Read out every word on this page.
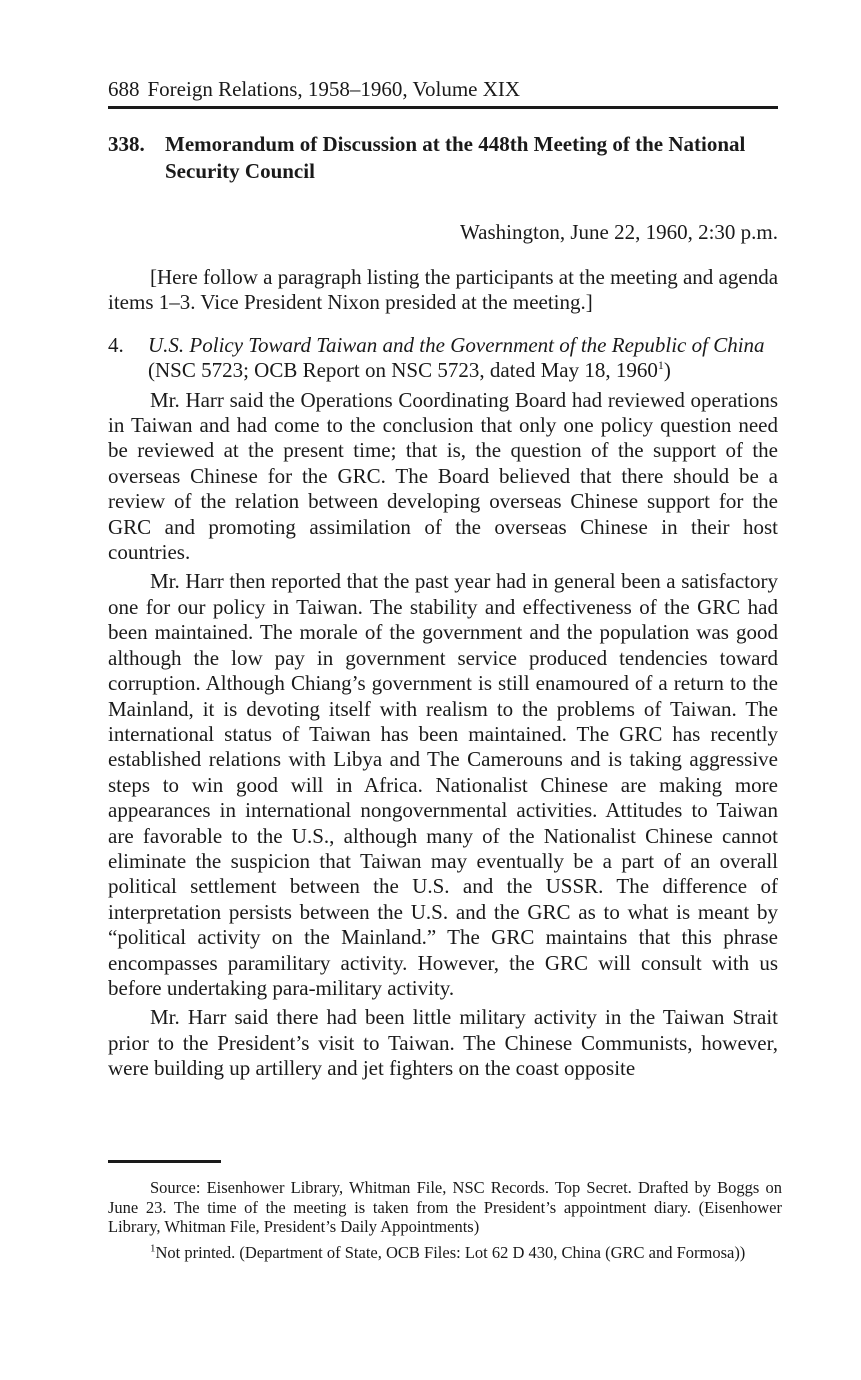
688 Foreign Relations, 1958–1960, Volume XIX
338. Memorandum of Discussion at the 448th Meeting of the National Security Council
Washington, June 22, 1960, 2:30 p.m.

[Here follow a paragraph listing the participants at the meeting and agenda items 1–3. Vice President Nixon presided at the meeting.]

4.	U.S. Policy Toward Taiwan and the Government of the Republic of China (NSC 5723; OCB Report on NSC 5723, dated May 18, 1960$^1$)

Mr. Harr said the Operations Coordinating Board had reviewed operations in Taiwan and had come to the conclusion that only one policy question need be reviewed at the present time; that is, the question of the support of the overseas Chinese for the GRC. The Board believed that there should be a review of the relation between developing overseas Chinese support for the GRC and promoting assimilation of the overseas Chinese in their host countries.

Mr. Harr then reported that the past year had in general been a satisfactory one for our policy in Taiwan. The stability and effectiveness of the GRC had been maintained. The morale of the government and the population was good although the low pay in government service produced tendencies toward corruption. Although Chiang’s government is still enamoured of a return to the Mainland, it is devoting itself with realism to the problems of Taiwan. The international status of Taiwan has been maintained. The GRC has recently established relations with Libya and The Camerouns and is taking aggressive steps to win good will in Africa. Nationalist Chinese are making more appearances in international nongovernmental activities. Attitudes to Taiwan are favorable to the U.S., although many of the Nationalist Chinese cannot eliminate the suspicion that Taiwan may eventually be a part of an overall political settlement between the U.S. and the USSR. The difference of interpretation persists between the U.S. and the GRC as to what is meant by “political activity on the Mainland.” The GRC maintains that this phrase encompasses paramilitary activity. However, the GRC will consult with us before undertaking para-military activity.

Mr. Harr said there had been little military activity in the Taiwan Strait prior to the President’s visit to Taiwan. The Chinese Communists, however, were building up artillery and jet fighters on the coast opposite

Source: Eisenhower Library, Whitman File, NSC Records. Top Secret. Drafted by Boggs on June 23. The time of the meeting is taken from the President’s appointment diary. (Eisenhower Library, Whitman File, President’s Daily Appointments)

$^1$Not printed. (Department of State, OCB Files: Lot 62 D 430, China (GRC and Formosa))
